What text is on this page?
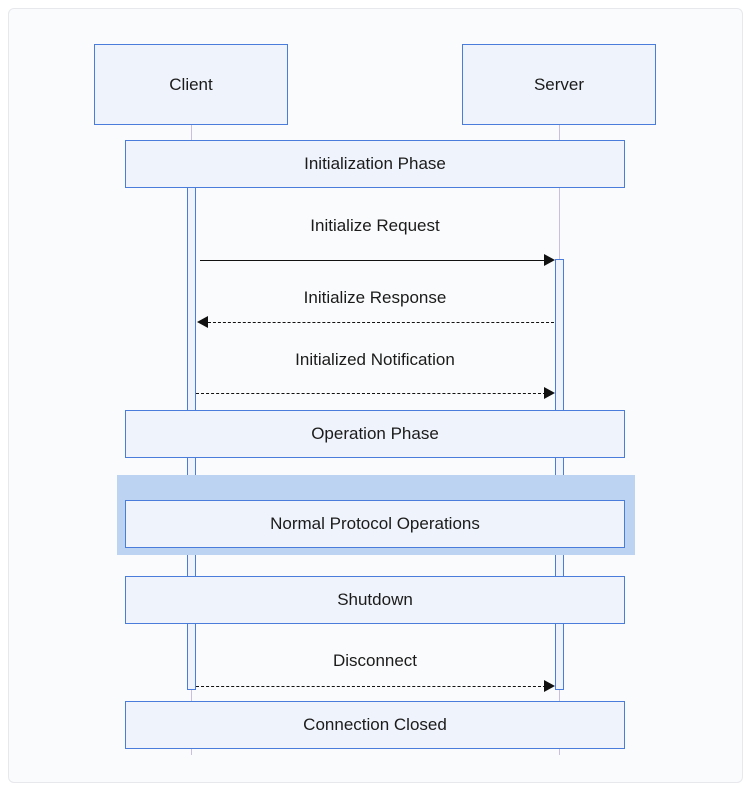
Client	Server
Initialization Phase
Initialize Request
Initialize Response
Initialized Notification
Operation Phase
Normal Protocol Operations
Shutdown
Disconnect
Connection Closed
